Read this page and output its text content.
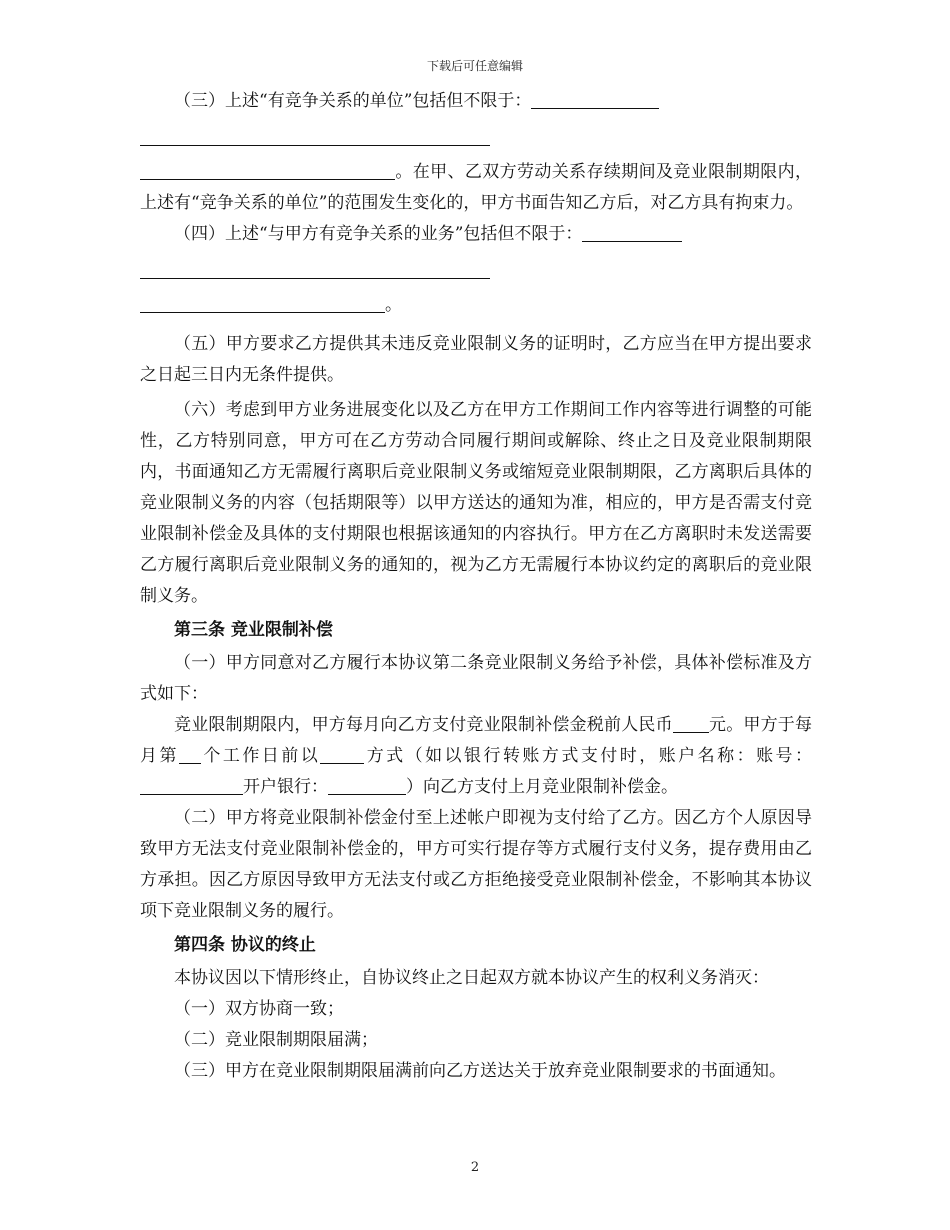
下载后可任意编辑

（三）上述“有竞争关系的单位”包括但不限于：

。在甲、乙双方劳动关系存续期间及竞业限制期限内，上述有“竞争关系的单位”的范围发生变化的，甲方书面告知乙方后，对乙方具有拘束力。

（四）上述“与甲方有竞争关系的业务”包括但不限于：

。

（五）甲方要求乙方提供其未违反竞业限制义务的证明时，乙方应当在甲方提出要求之日起三日内无条件提供。

（六）考虑到甲方业务进展变化以及乙方在甲方工作期间工作内容等进行调整的可能性，乙方特别同意，甲方可在乙方劳动合同履行期间或解除、终止之日及竞业限制期限内，书面通知乙方无需履行离职后竞业限制义务或缩短竞业限制期限，乙方离职后具体的竞业限制义务的内容（包括期限等）以甲方送达的通知为准，相应的，甲方是否需支付竞业限制补偿金及具体的支付期限也根据该通知的内容执行。甲方在乙方离职时未发送需要乙方履行离职后竞业限制义务的通知的，视为乙方无需履行本协议约定的离职后的竞业限制义务。

第三条 竞业限制补偿

（一）甲方同意对乙方履行本协议第二条竞业限制义务给予补偿，具体补偿标准及方式如下：

竞业限制期限内，甲方每月向乙方支付竞业限制补偿金税前人民币 元。甲方于每月第 个工作日前以	方式（如以银行转账方式支付时，账户名称：账号：开户银行：	）向乙方支付上月竞业限制补偿金。

（二）甲方将竞业限制补偿金付至上述帐户即视为支付给了乙方。因乙方个人原因导致甲方无法支付竞业限制补偿金的，甲方可实行提存等方式履行支付义务，提存费用由乙方承担。因乙方原因导致甲方无法支付或乙方拒绝接受竞业限制补偿金，不影响其本协议项下竞业限制义务的履行。

第四条 协议的终止

本协议因以下情形终止，自协议终止之日起双方就本协议产生的权利义务消灭：

（一）双方协商一致；

（二）竞业限制期限届满；

（三）甲方在竞业限制期限届满前向乙方送达关于放弃竞业限制要求的书面通知。

2
